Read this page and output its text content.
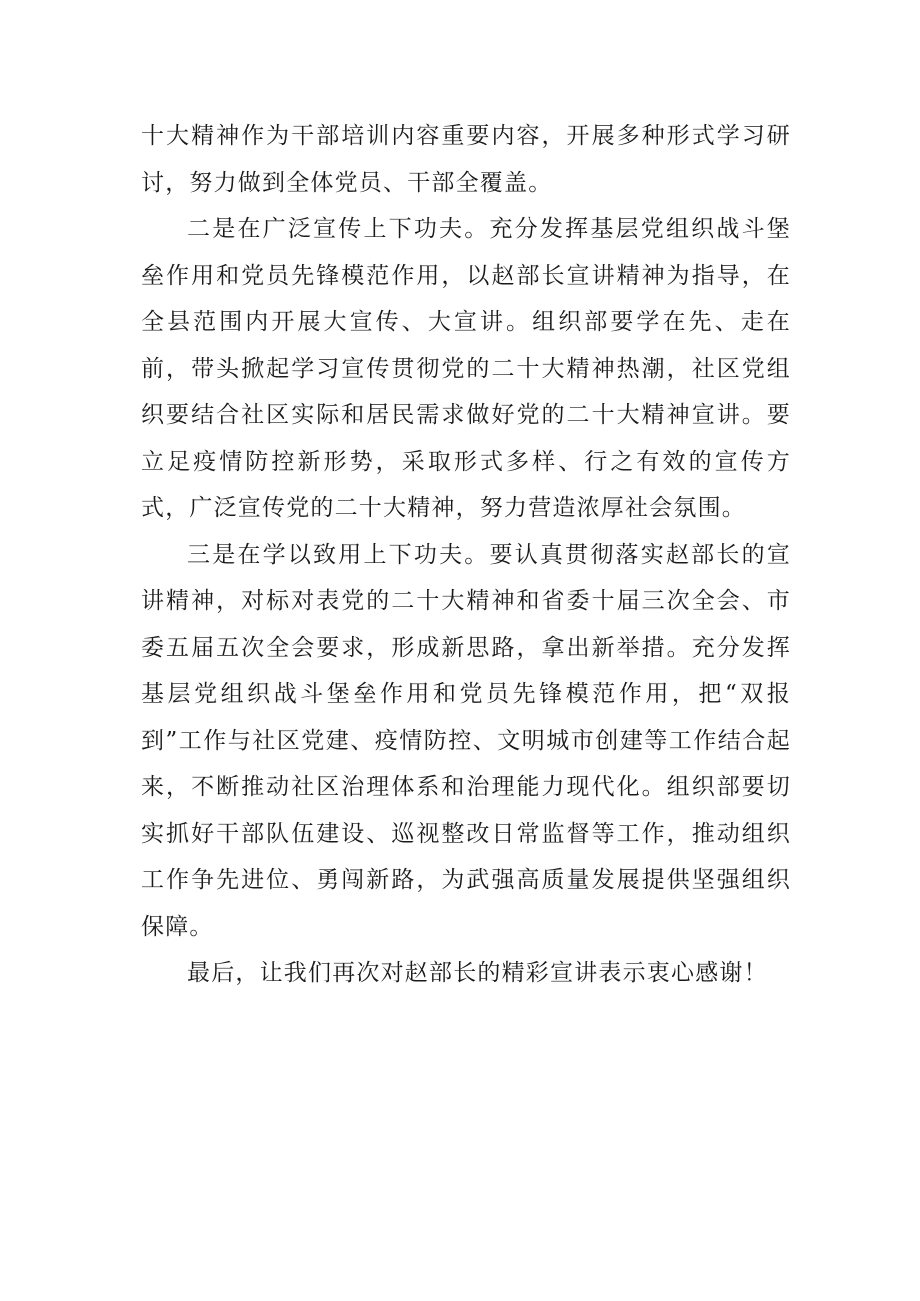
十大精神作为干部培训内容重要内容，开展多种形式学习研讨，努力做到全体党员、干部全覆盖。

二是在广泛宣传上下功夫。充分发挥基层党组织战斗堡垒作用和党员先锋模范作用，以赵部长宣讲精神为指导，在全县范围内开展大宣传、大宣讲。组织部要学在先、走在前，带头掀起学习宣传贯彻党的二十大精神热潮，社区党组织要结合社区实际和居民需求做好党的二十大精神宣讲。要立足疫情防控新形势，采取形式多样、行之有效的宣传方式，广泛宣传党的二十大精神，努力营造浓厚社会氛围。

三是在学以致用上下功夫。要认真贯彻落实赵部长的宣讲精神，对标对表党的二十大精神和省委十届三次全会、市委五届五次全会要求，形成新思路，拿出新举措。充分发挥基层党组织战斗堡垒作用和党员先锋模范作用，把“双报到”工作与社区党建、疫情防控、文明城市创建等工作结合起来，不断推动社区治理体系和治理能力现代化。组织部要切实抓好干部队伍建设、巡视整改日常监督等工作，推动组织工作争先进位、勇闯新路，为武强高质量发展提供坚强组织保障。

最后，让我们再次对赵部长的精彩宣讲表示衷心感谢！
